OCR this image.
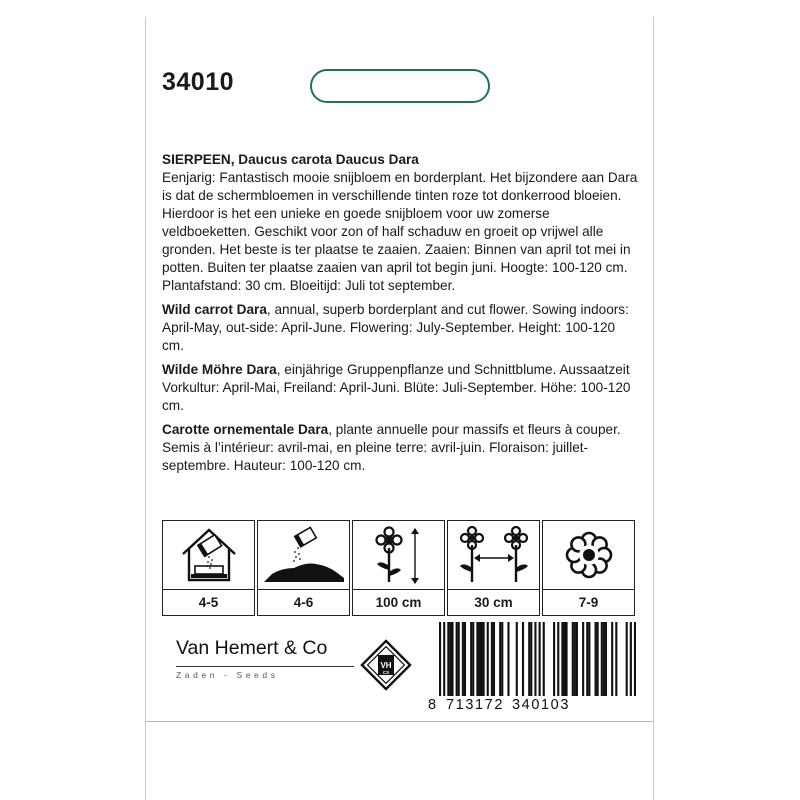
34010

SIERPEEN, Daucus carota Daucus Dara
Eenjarig: Fantastisch mooie snijbloem en borderplant. Het bijzondere aan Dara is dat de schermbloemen in verschillende tinten roze tot donkerrood bloeien. Hierdoor is het een unieke en goede snijbloem voor uw zomerse veldboeketten. Geschikt voor zon of half schaduw en groeit op vrijwel alle gronden. Het beste is ter plaatse te zaaien. Zaaien: Binnen van april tot mei in potten. Buiten ter plaatse zaaien van april tot begin juni. Hoogte: 100-120 cm. Plantafstand: 30 cm. Bloeitijd: Juli tot september.

Wild carrot Dara, annual, superb borderplant and cut flower. Sowing indoors: April-May, out-side: April-June. Flowering: July-September. Height: 100-120 cm.

Wilde Möhre Dara, einjährige Gruppenpflanze und Schnittblume. Aussaatzeit Vorkultur: April-Mai, Freiland: April-Juni. Blüte: Juli-September. Höhe: 100-120 cm.

Carotte ornementale Dara, plante annuelle pour massifs et fleurs à couper. Semis à l’intérieur: avril-mai, en pleine terre: avril-juin. Floraison: juillet-septembre. Hauteur: 100-120 cm.

4-5	4-6	100 cm	30 cm	7-9
Van Hemert & Co
Zaden - Seeds
VH
CS
8 713172 340103
